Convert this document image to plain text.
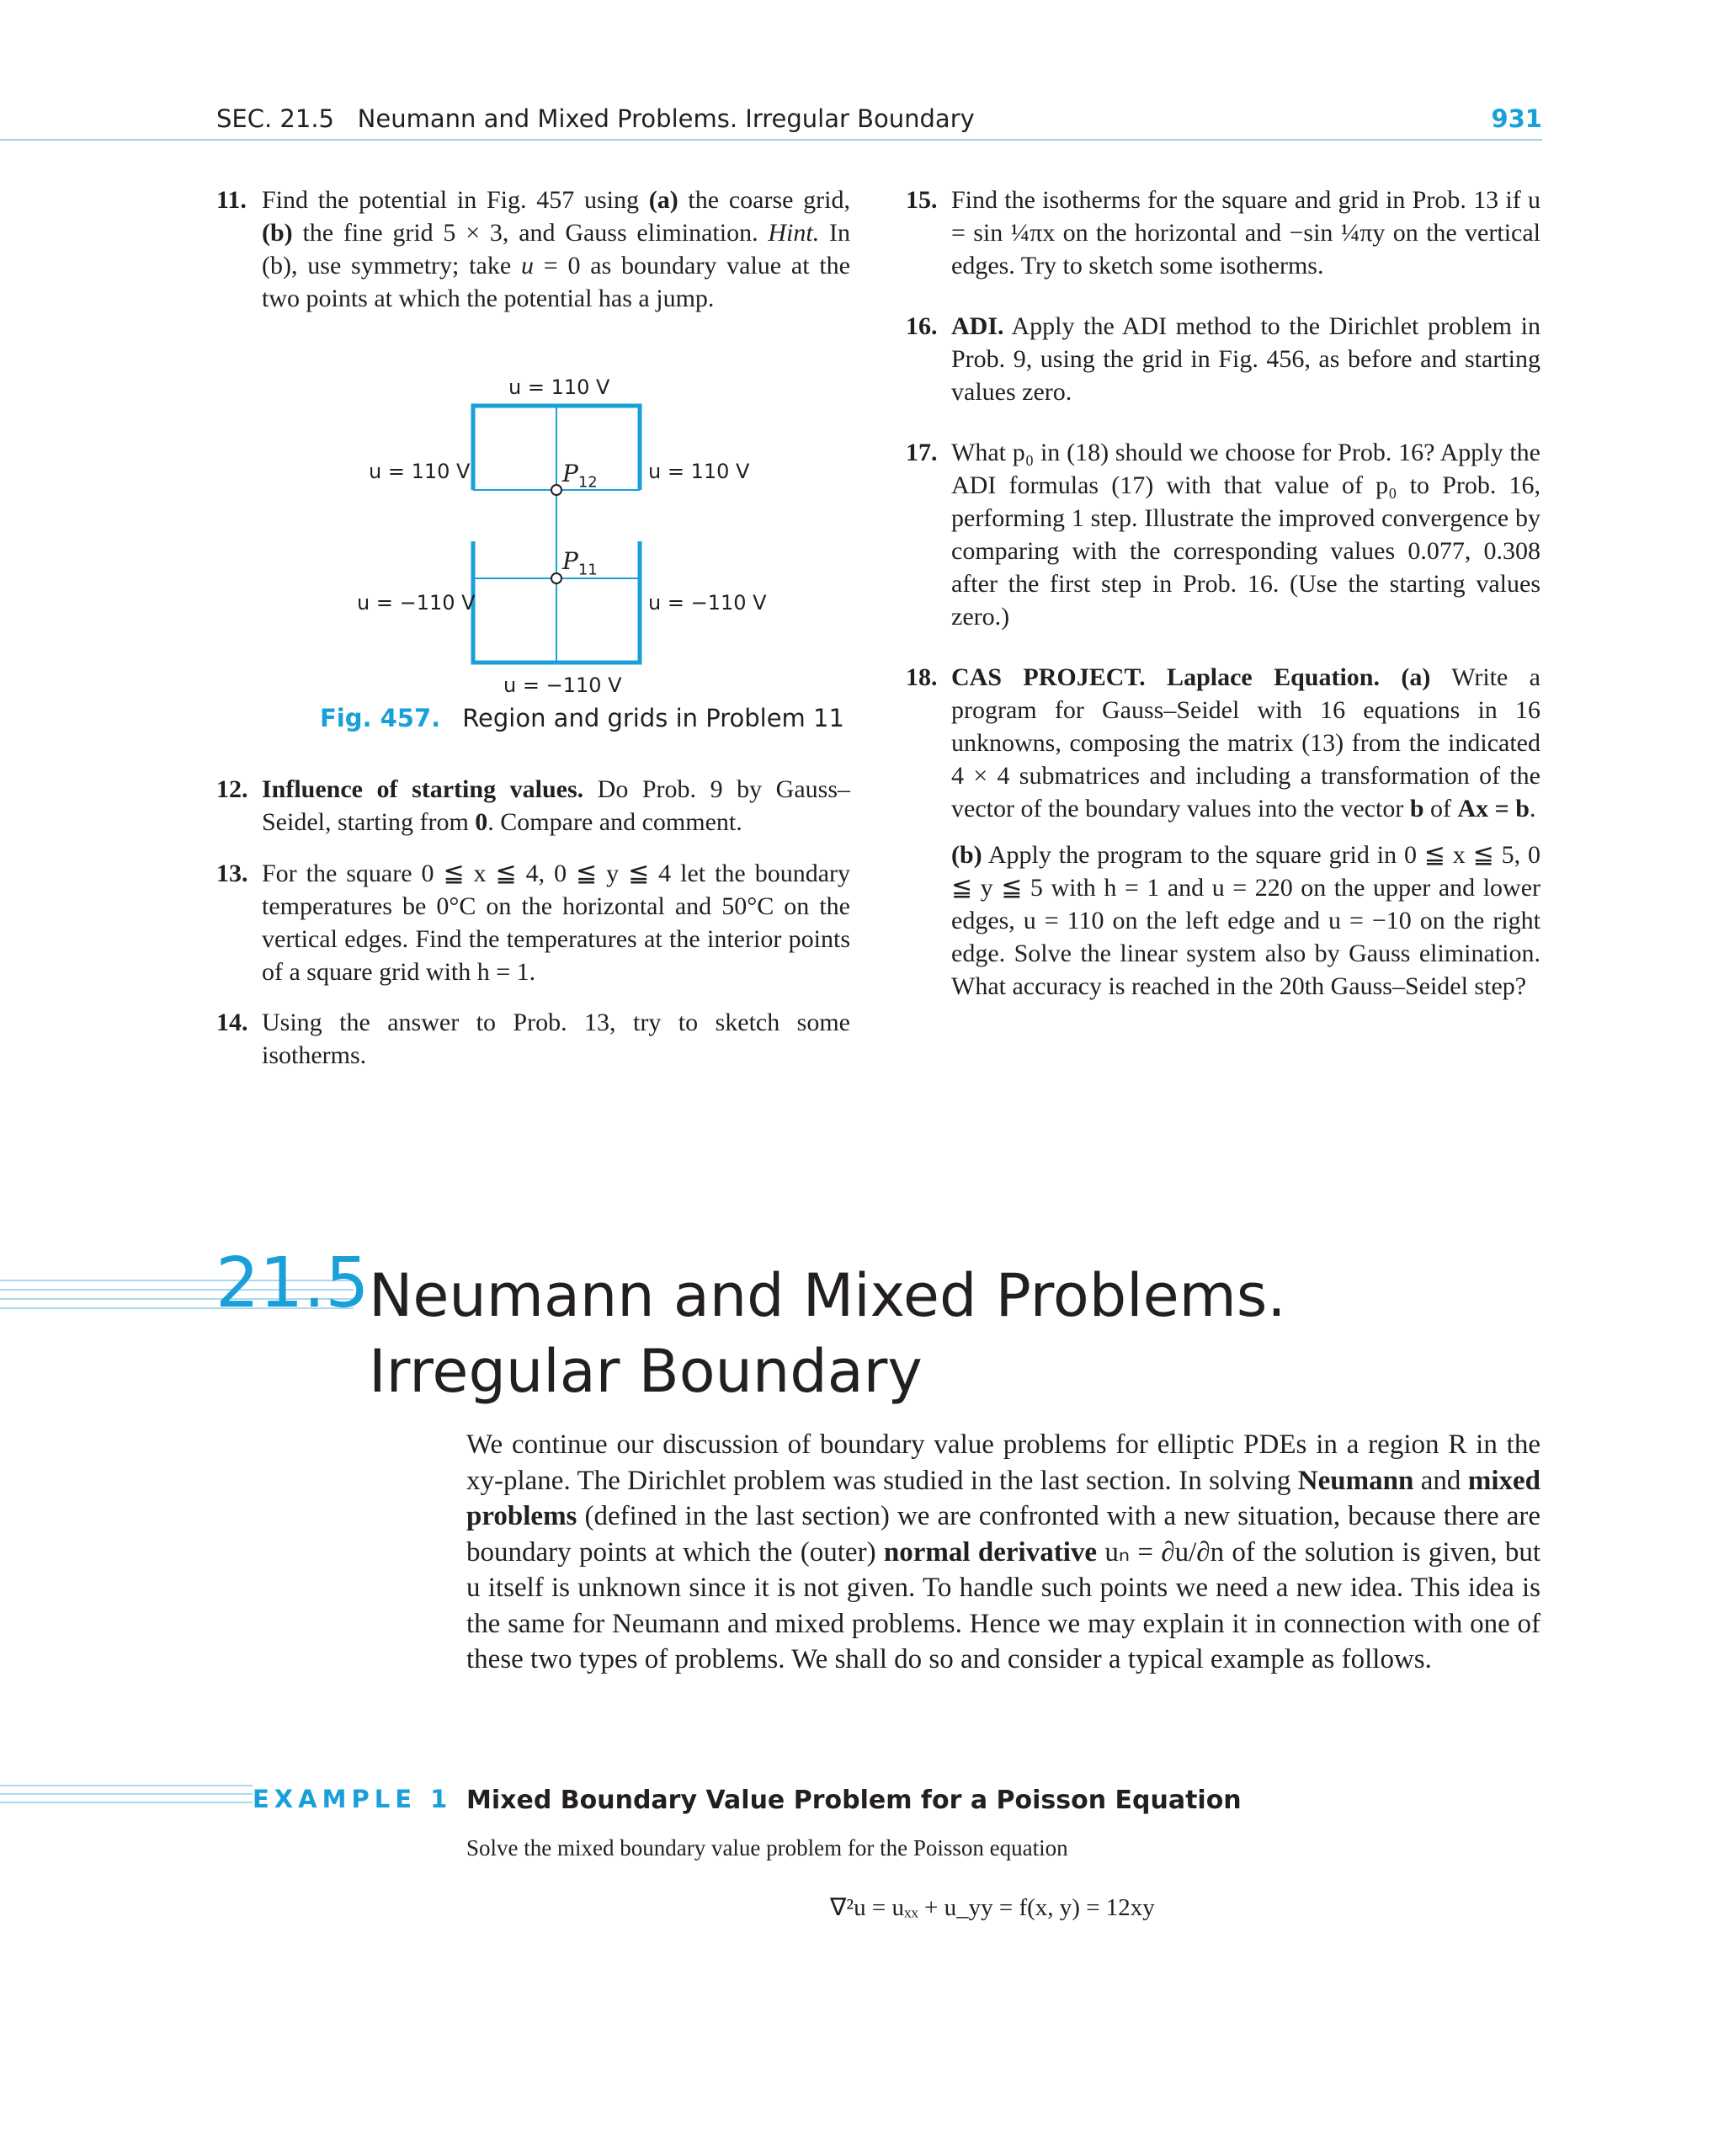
SEC. 21.5 Neumann and Mixed Problems. Irregular Boundary	931
11. Find the potential in Fig. 457 using (a) the coarse grid, (b) the fine grid 5 × 3, and Gauss elimination. Hint. In (b), use symmetry; take u = 0 as boundary value at the two points at which the potential has a jump.
u = 110 V
u = 110 V	u = 110 V
u = −110 V	u = −110 V
u = −110 V
$P_{12}$
$P_{11}$
Fig. 457. Region and grids in Problem 11
12. Influence of starting values. Do Prob. 9 by Gauss–Seidel, starting from 0. Compare and comment.
13. For the square 0 ≦ x ≦ 4, 0 ≦ y ≦ 4 let the boundary temperatures be 0°C on the horizontal and 50°C on the vertical edges. Find the temperatures at the interior points of a square grid with h = 1.
14. Using the answer to Prob. 13, try to sketch some isotherms.
15. Find the isotherms for the square and grid in Prob. 13 if u = sin ¼πx on the horizontal and −sin ¼πy on the vertical edges. Try to sketch some isotherms.
16. ADI. Apply the ADI method to the Dirichlet problem in Prob. 9, using the grid in Fig. 456, as before and starting values zero.
17. What p₀ in (18) should we choose for Prob. 16? Apply the ADI formulas (17) with that value of p₀ to Prob. 16, performing 1 step. Illustrate the improved convergence by comparing with the corresponding values 0.077, 0.308 after the first step in Prob. 16. (Use the starting values zero.)
18. CAS PROJECT. Laplace Equation. (a) Write a program for Gauss–Seidel with 16 equations in 16 unknowns, composing the matrix (13) from the indicated 4 × 4 submatrices and including a transformation of the vector of the boundary values into the vector b of Ax = b.

(b) Apply the program to the square grid in 0 ≦ x ≦ 5, 0 ≦ y ≦ 5 with h = 1 and u = 220 on the upper and lower edges, u = 110 on the left edge and u = −10 on the right edge. Solve the linear system also by Gauss elimination. What accuracy is reached in the 20th Gauss–Seidel step?

21.5 Neumann and Mixed Problems.
Irregular Boundary
We continue our discussion of boundary value problems for elliptic PDEs in a region R in the xy-plane. The Dirichlet problem was studied in the last section. In solving Neumann and mixed problems (defined in the last section) we are confronted with a new situation, because there are boundary points at which the (outer) normal derivative uₙ = ∂u/∂n of the solution is given, but u itself is unknown since it is not given. To handle such points we need a new idea. This idea is the same for Neumann and mixed problems. Hence we may explain it in connection with one of these two types of problems. We shall do so and consider a typical example as follows.
EXAMPLE 1 Mixed Boundary Value Problem for a Poisson Equation
Solve the mixed boundary value problem for the Poisson equation
∇²u = uₓₓ + u_yy = f(x, y) = 12xy
